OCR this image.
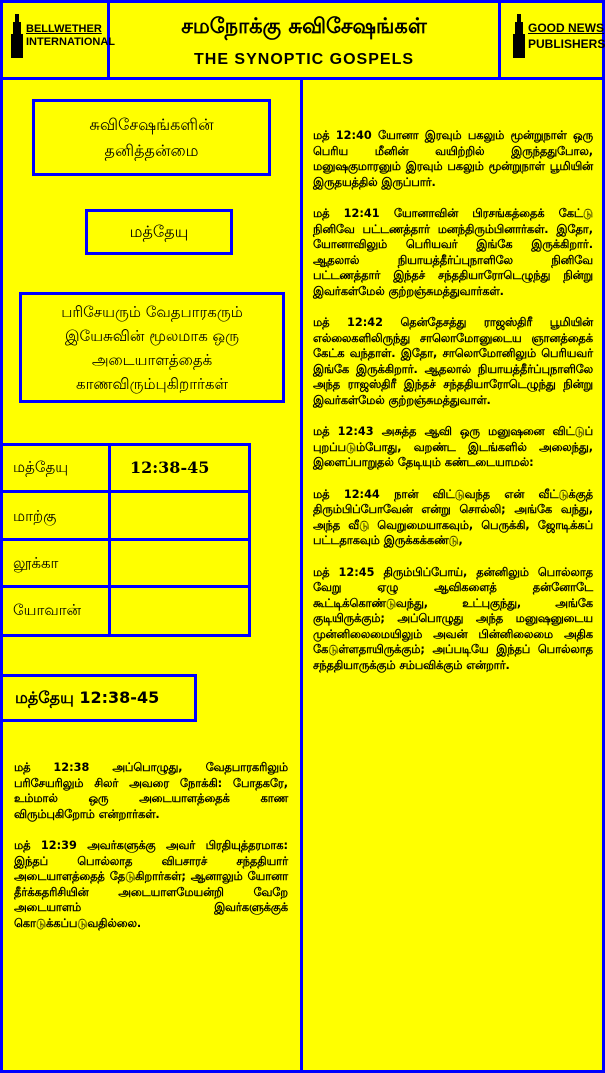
BELLWETHER
INTERNATIONAL
சமநோக்கு சுவிசேஷங்கள்
THE SYNOPTIC GOSPELS
GOOD NEWS
PUBLISHERS
சுவிசேஷங்களின்
தனித்தன்மை
மத்தேயு
பரிசேயரும் வேதபாரகரும் இயேசுவின் மூலமாக ஒரு அடையாளத்தைக் காணவிரும்புகிறார்கள்
மத்தேயு	12:38-45
மாற்கு
லூக்கா
யோவான்
மத்தேயு 12:38-45

மத் 12:38 அப்பொழுது, வேதபாரகரிலும் பரிசேயரிலும் சிலர் அவரை நோக்கி: போதகரே, உம்மால் ஒரு அடையாளத்தைக் காண விரும்புகிறோம் என்றார்கள்.

மத் 12:39 அவர்களுக்கு அவர் பிரதியுத்தரமாக: இந்தப் பொல்லாத விபசாரச் சந்ததியார் அடையாளத்தைத் தேடுகிறார்கள்; ஆனாலும் யோனா தீர்க்கதரிசியின் அடையாளமேயன்றி வேறே அடையாளம் இவர்களுக்குக் கொடுக்கப்படுவதில்லை.

மத் 12:40 யோனா இரவும் பகலும் மூன்றுநாள் ஒரு பெரிய மீனின் வயிற்றில் இருந்ததுபோல, மனுஷகுமாரனும் இரவும் பகலும் மூன்றுநாள் பூமியின் இருதயத்தில் இருப்பார்.

மத் 12:41 யோனாவின் பிரசங்கத்தைக் கேட்டு நினிவே பட்டணத்தார் மனந்திரும்பினார்கள். இதோ, யோனாவிலும் பெரியவர் இங்கே இருக்கிறார். ஆதலால் நியாயத்தீர்ப்புநாளிலே நினிவே பட்டணத்தார் இந்தச் சந்ததியாரோடெழுந்து நின்று இவர்கள்மேல் குற்றஞ்சுமத்துவார்கள்.

மத் 12:42 தென்தேசத்து ராஜஸ்திரீ பூமியின் எல்லைகளிலிருந்து சாலொமோனுடைய ஞானத்தைக் கேட்க வந்தாள். இதோ, சாலொமோனிலும் பெரியவர் இங்கே இருக்கிறார். ஆதலால் நியாயத்தீர்ப்புநாளிலே அந்த ராஜஸ்திரீ இந்தச் சந்ததியாரோடெழுந்து நின்று இவர்கள்மேல் குற்றஞ்சுமத்துவாள்.

மத் 12:43 அசுத்த ஆவி ஒரு மனுஷனை விட்டுப் புறப்படும்போது, வறண்ட இடங்களில் அலைந்து, இளைப்பாறுதல் தேடியும் கண்டடையாமல்:

மத் 12:44 நான் விட்டுவந்த என் வீட்டுக்குத் திரும்பிப்போவேன் என்று சொல்லி; அங்கே வந்து, அந்த வீடு வெறுமையாகவும், பெருக்கி, ஜோடிக்கப் பட்டதாகவும் இருக்கக்கண்டு,

மத் 12:45 திரும்பிப்போய், தன்னிலும் பொல்லாத வேறு ஏழு ஆவிகளைத் தன்னோடே கூட்டிக்கொண்டுவந்து, உட்புகுந்து, அங்கே குடியிருக்கும்; அப்பொழுது அந்த மனுஷனுடைய முன்னிலைமையிலும் அவன் பின்னிலைமை அதிக கேடுள்ளதாயிருக்கும்; அப்படியே இந்தப் பொல்லாத சந்ததியாருக்கும் சம்பவிக்கும் என்றார்.
